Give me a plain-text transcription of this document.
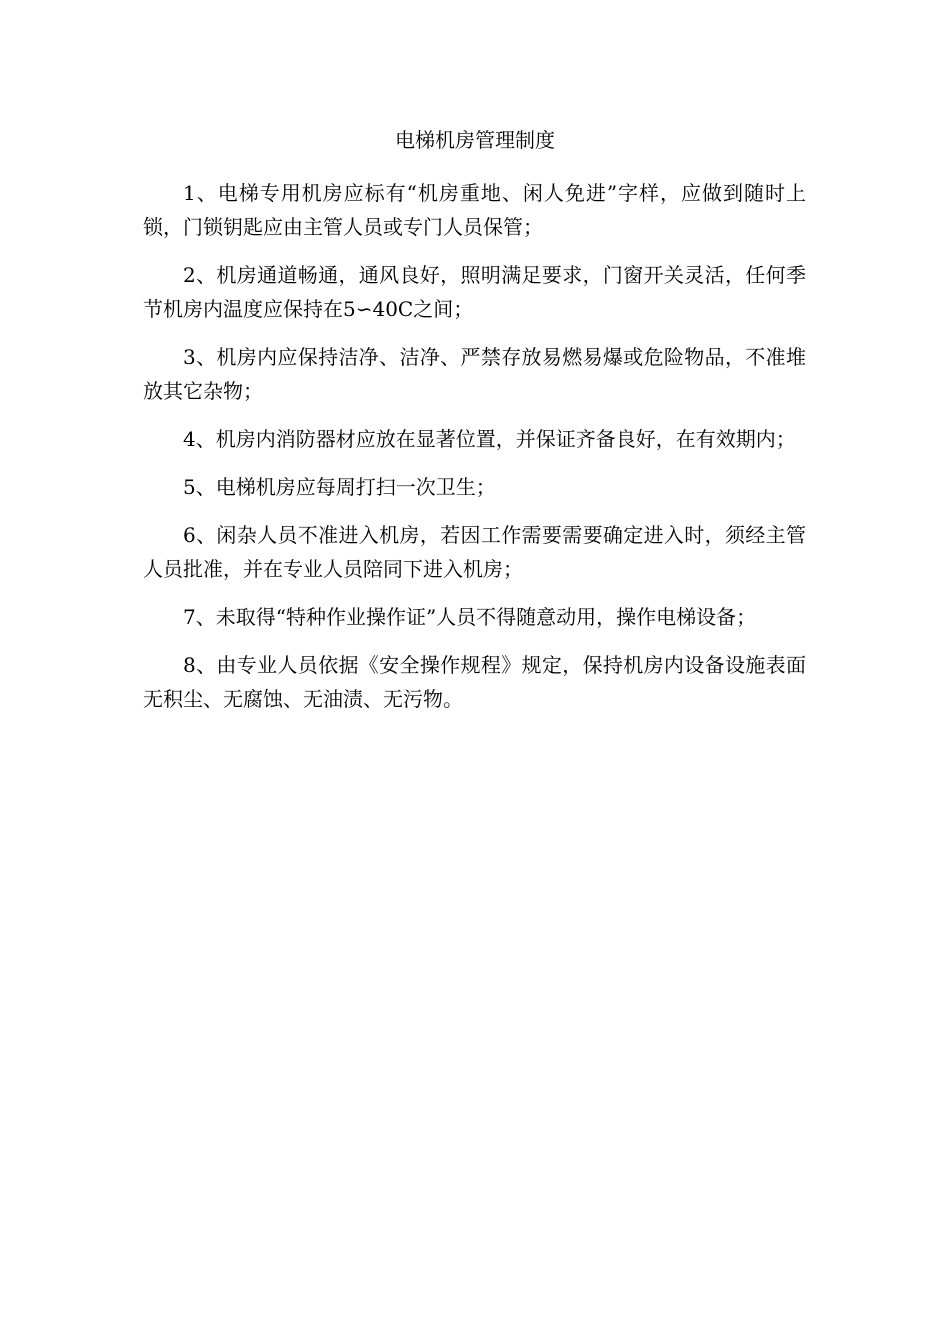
电梯机房管理制度

1、电梯专用机房应标有“机房重地、闲人免进”字样，应做到随时上锁，门锁钥匙应由主管人员或专门人员保管；

2、机房通道畅通，通风良好，照明满足要求，门窗开关灵活，任何季节机房内温度应保持在5∽40C之间；

3、机房内应保持洁净、洁净、严禁存放易燃易爆或危险物品，不准堆放其它杂物；

4、机房内消防器材应放在显著位置，并保证齐备良好，在有效期内；

5、电梯机房应每周打扫一次卫生；

6、闲杂人员不准进入机房，若因工作需要需要确定进入时，须经主管人员批准，并在专业人员陪同下进入机房；

7、未取得“特种作业操作证”人员不得随意动用，操作电梯设备；

8、由专业人员依据《安全操作规程》规定，保持机房内设备设施表面无积尘、无腐蚀、无油渍、无污物。
